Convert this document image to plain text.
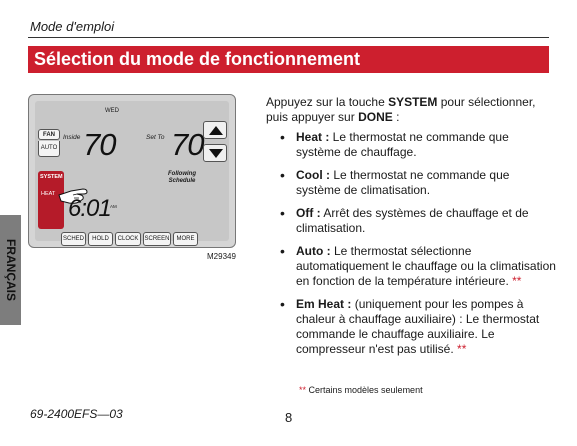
Mode d'emploi
Sélection du mode de fonctionnement
FRANÇAIS
WED
FAN
AUTO
Inside 70	Set To 70
Following
Schedule
SYSTEM
HEAT
6:01 AM
SCHED	HOLD	CLOCK	SCREEN	MORE
M29349
Appuyez sur la touche SYSTEM pour sélectionner, puis appuyer sur DONE :
• Heat : Le thermostat ne commande que système de chauffage.
• Cool : Le thermostat ne commande que système de climatisation.
• Off : Arrêt des systèmes de chauffage et de climatisation.
• Auto : Le thermostat sélectionne automatiquement le chauffage ou la climatisation en fonction de la température intérieure. **
• Em Heat : (uniquement pour les pompes à chaleur à chauffage auxiliaire) : Le thermostat commande le chauffage auxiliaire. Le compresseur n'est pas utilisé. **
** Certains modèles seulement
69-2400EFS—03	8
